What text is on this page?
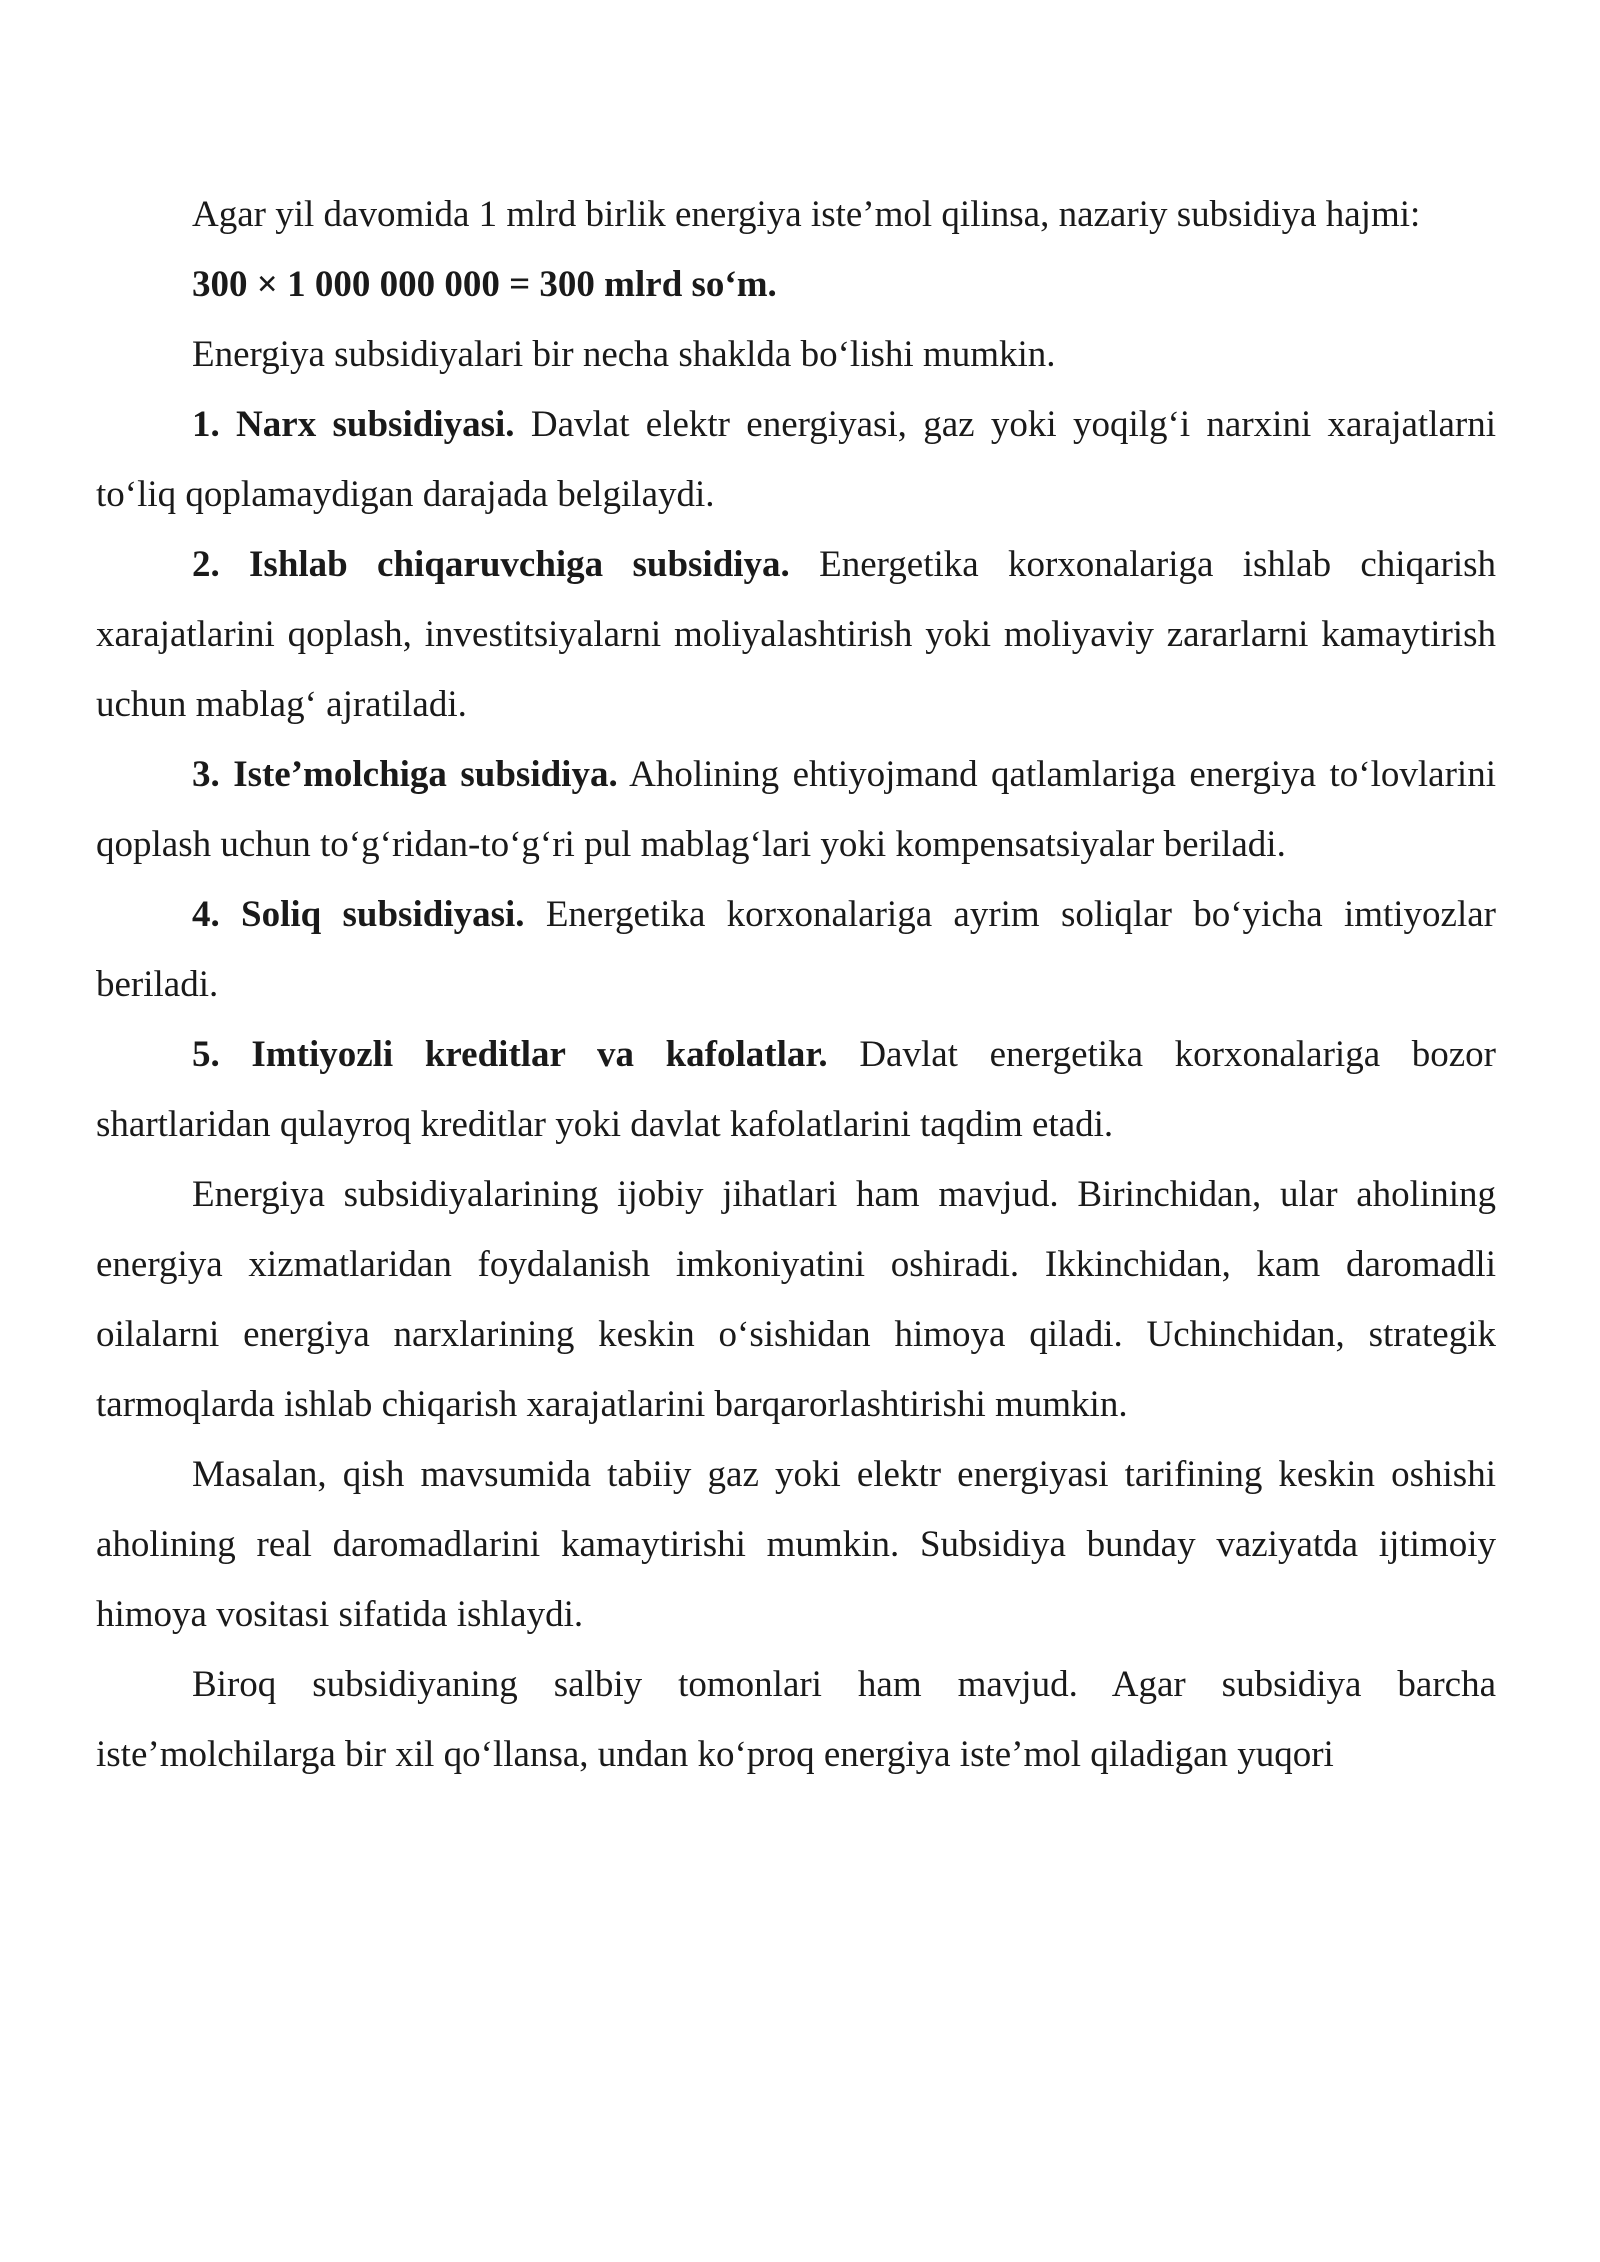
Agar yil davomida 1 mlrd birlik energiya iste’mol qilinsa, nazariy subsidiya hajmi:

300 × 1 000 000 000 = 300 mlrd so‘m.

Energiya subsidiyalari bir necha shaklda bo‘lishi mumkin.

1. Narx subsidiyasi. Davlat elektr energiyasi, gaz yoki yoqilg‘i narxini xarajatlarni to‘liq qoplamaydigan darajada belgilaydi.

2. Ishlab chiqaruvchiga subsidiya. Energetika korxonalariga ishlab chiqarish xarajatlarini qoplash, investitsiyalarni moliyalashtirish yoki moliyaviy zararlarni kamaytirish uchun mablag‘ ajratiladi.

3. Iste’molchiga subsidiya. Aholining ehtiyojmand qatlamlariga energiya to‘lovlarini qoplash uchun to‘g‘ridan-to‘g‘ri pul mablag‘lari yoki kompensatsiyalar beriladi.

4. Soliq subsidiyasi. Energetika korxonalariga ayrim soliqlar bo‘yicha imtiyozlar beriladi.

5. Imtiyozli kreditlar va kafolatlar. Davlat energetika korxonalariga bozor shartlaridan qulayroq kreditlar yoki davlat kafolatlarini taqdim etadi.

Energiya subsidiyalarining ijobiy jihatlari ham mavjud. Birinchidan, ular aholining energiya xizmatlaridan foydalanish imkoniyatini oshiradi. Ikkinchidan, kam daromadli oilalarni energiya narxlarining keskin o‘sishidan himoya qiladi. Uchinchidan, strategik tarmoqlarda ishlab chiqarish xarajatlarini barqarorlashtirishi mumkin.

Masalan, qish mavsumida tabiiy gaz yoki elektr energiyasi tarifining keskin oshishi aholining real daromadlarini kamaytirishi mumkin. Subsidiya bunday vaziyatda ijtimoiy himoya vositasi sifatida ishlaydi.

Biroq subsidiyaning salbiy tomonlari ham mavjud. Agar subsidiya barcha iste’molchilarga bir xil qo‘llansa, undan ko‘proq energiya iste’mol qiladigan yuqori
